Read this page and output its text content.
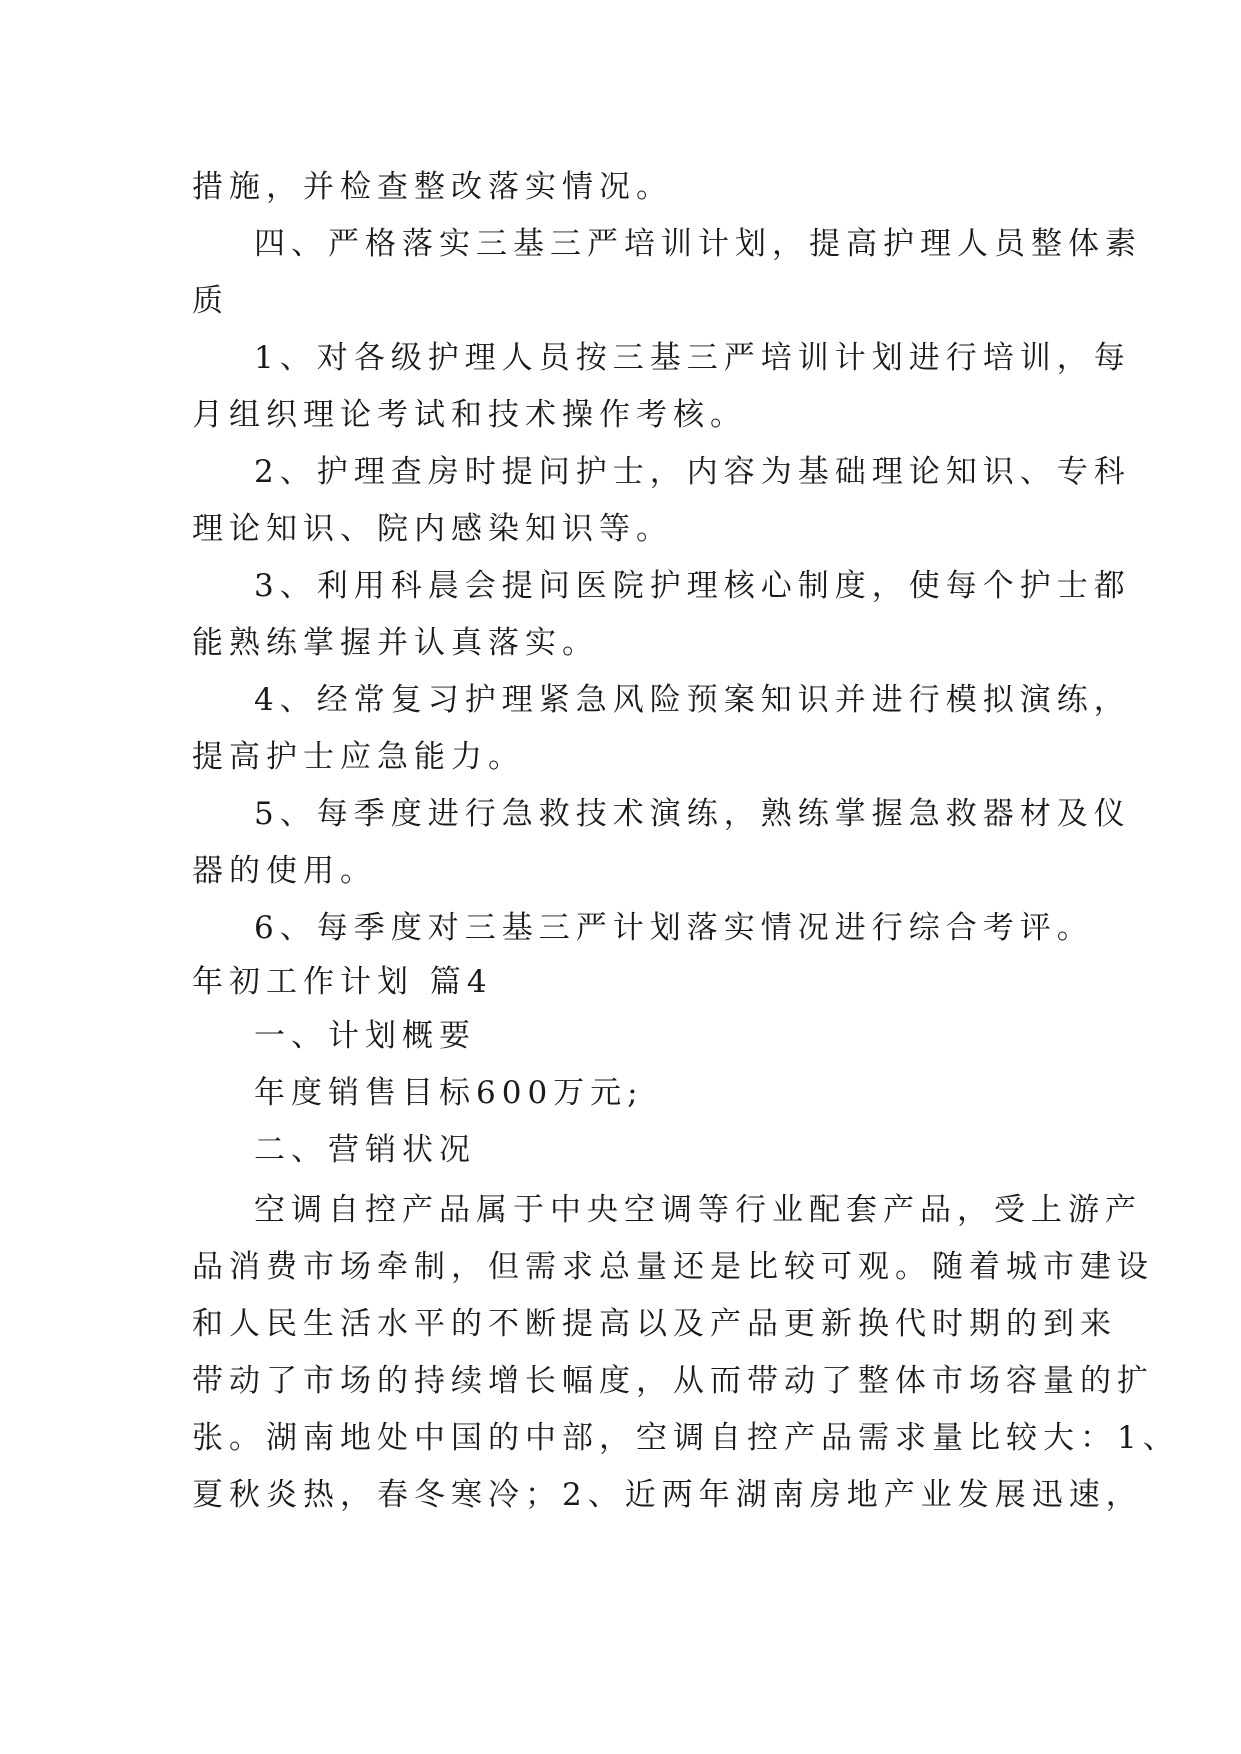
措施，并检查整改落实情况。
四、严格落实三基三严培训计划，提高护理人员整体素
质
1、对各级护理人员按三基三严培训计划进行培训，每
月组织理论考试和技术操作考核。
2、护理查房时提问护士，内容为基础理论知识、专科
理论知识、院内感染知识等。
3、利用科晨会提问医院护理核心制度，使每个护士都
能熟练掌握并认真落实。
4、经常复习护理紧急风险预案知识并进行模拟演练，
提高护士应急能力。
5、每季度进行急救技术演练，熟练掌握急救器材及仪
器的使用。
6、每季度对三基三严计划落实情况进行综合考评。
年初工作计划 篇4
一、计划概要
年度销售目标600万元;
二、营销状况
空调自控产品属于中央空调等行业配套产品，受上游产
品消费市场牵制，但需求总量还是比较可观。随着城市建设
和人民生活水平的不断提高以及产品更新换代时期的到来
带动了市场的持续增长幅度，从而带动了整体市场容量的扩
张。湖南地处中国的中部，空调自控产品需求量比较大：1、
夏秋炎热，春冬寒冷；2、近两年湖南房地产业发展迅速，
